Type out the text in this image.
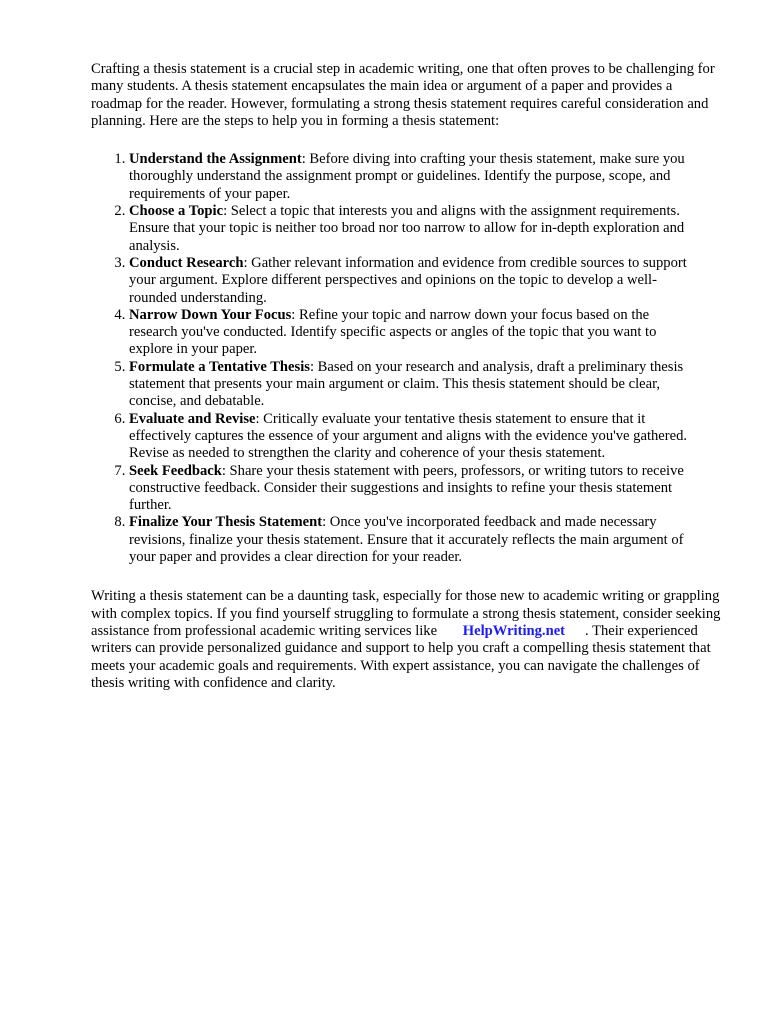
Crafting a thesis statement is a crucial step in academic writing, one that often proves to be challenging for many students. A thesis statement encapsulates the main idea or argument of a paper and provides a roadmap for the reader. However, formulating a strong thesis statement requires careful consideration and planning. Here are the steps to help you in forming a thesis statement:

1. Understand the Assignment: Before diving into crafting your thesis statement, make sure you thoroughly understand the assignment prompt or guidelines. Identify the purpose, scope, and requirements of your paper.
2. Choose a Topic: Select a topic that interests you and aligns with the assignment requirements. Ensure that your topic is neither too broad nor too narrow to allow for in-depth exploration and analysis.
3. Conduct Research: Gather relevant information and evidence from credible sources to support your argument. Explore different perspectives and opinions on the topic to develop a well-rounded understanding.
4. Narrow Down Your Focus: Refine your topic and narrow down your focus based on the research you've conducted. Identify specific aspects or angles of the topic that you want to explore in your paper.
5. Formulate a Tentative Thesis: Based on your research and analysis, draft a preliminary thesis statement that presents your main argument or claim. This thesis statement should be clear, concise, and debatable.
6. Evaluate and Revise: Critically evaluate your tentative thesis statement to ensure that it effectively captures the essence of your argument and aligns with the evidence you've gathered. Revise as needed to strengthen the clarity and coherence of your thesis statement.
7. Seek Feedback: Share your thesis statement with peers, professors, or writing tutors to receive constructive feedback. Consider their suggestions and insights to refine your thesis statement further.
8. Finalize Your Thesis Statement: Once you've incorporated feedback and made necessary revisions, finalize your thesis statement. Ensure that it accurately reflects the main argument of your paper and provides a clear direction for your reader.

Writing a thesis statement can be a daunting task, especially for those new to academic writing or grappling with complex topics. If you find yourself struggling to formulate a strong thesis statement, consider seeking assistance from professional academic writing services like HelpWriting.net . Their experienced writers can provide personalized guidance and support to help you craft a compelling thesis statement that meets your academic goals and requirements. With expert assistance, you can navigate the challenges of thesis writing with confidence and clarity.
